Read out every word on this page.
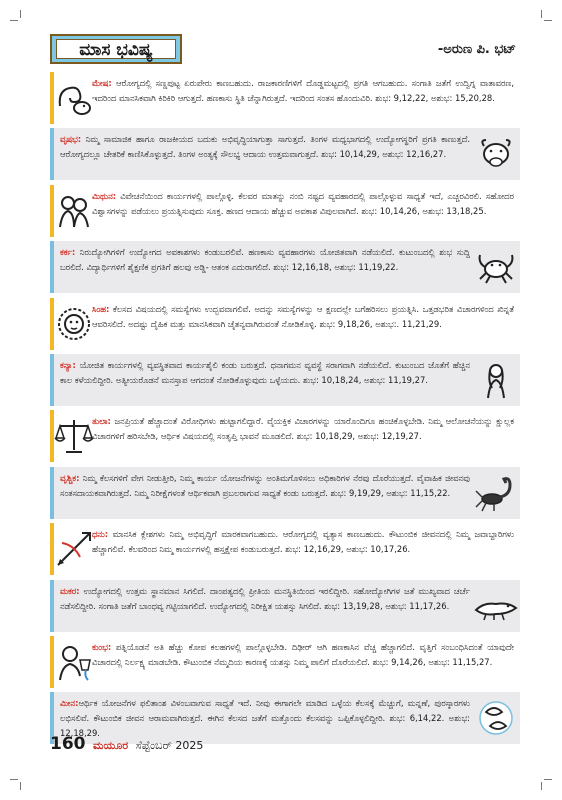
ಮಾಸ ಭವಿಷ್ಯ	-ಅರುಣ ಪಿ. ಭಟ್
ಮೇಷ: ಆರೋಗ್ಯದಲ್ಲಿ ಸಣ್ಣಪುಟ್ಟ ಏರುಪೇರು ಕಾಣಬಹುದು. ರಾಜಕಾರಣಿಗಳಿಗೆ ದೊಡ್ಡಮಟ್ಟದಲ್ಲಿ ಪ್ರಗತಿ ಆಗಬಹುದು. ಸಂಗಾತಿ ಜತೆಗೆ ಉದ್ವಿಗ್ನ ವಾತಾವರಣ, ಇದರಿಂದ ಮಾನಸಿಕವಾಗಿ ಕಿರಿಕಿರಿ ಆಗುತ್ತದೆ. ಹಣಕಾಸು ಸ್ಥಿತಿ ಚೆನ್ನಾಗಿರುತ್ತದೆ. ಇದರಿಂದ ಸಂತಸ ಹೊಂದುವಿರಿ. ಶುಭ: 9,12,22, ಅಶುಭ: 15,20,28.
ವೃಷಭ: ನಿಮ್ಮ ಸಾಮಾಜಿಕ ಹಾಗೂ ರಾಜಕೀಯದ ಬದುಕು ಅಭಿವೃದ್ಧಿಯಾಗುತ್ತಾ ಸಾಗುತ್ತದೆ. ತಿಂಗಳ ಮಧ್ಯಭಾಗದಲ್ಲಿ ಉದ್ಯೋಗಸ್ಥರಿಗೆ ಪ್ರಗತಿ ಕಾಣುತ್ತದೆ. ಆರೋಗ್ಯದಲ್ಲೂ ಚೇತರಿಕೆ ಕಾಣಿಸಿಕೊಳ್ಳುತ್ತದೆ. ತಿಂಗಳ ಅಂತ್ಯಕ್ಕೆ ಸೌಲಭ್ಯ ಆದಾಯ ಉತ್ತಮವಾಗುತ್ತದೆ. ಶುಭ: 10,14,29, ಅಶುಭ: 12,16,27.
ಮಿಥುನ: ವಿವೇಚನೆಯಿಂದ ಕಾರ್ಯಗಳಲ್ಲಿ ಪಾಲ್ಗೊಳ್ಳಿ. ಕೆಲವರ ಮಾತನ್ನು ನಂಬಿ ನಷ್ಟದ ವ್ಯವಹಾರದಲ್ಲಿ ಪಾಲ್ಗೊಳ್ಳುವ ಸಾಧ್ಯತೆ ಇದೆ, ಎಚ್ಚರವಿರಲಿ. ಸಹೋದರ ವಿಶ್ವಾಸಗಳನ್ನು ಪಡೆಯಲು ಪ್ರಯತ್ನಿಸುವುದು ಸೂಕ್ತ. ಹಣದ ಆದಾಯ ಹೆಚ್ಚುವ ಅವಕಾಶ ವಿಪುಲವಾಗಿದೆ. ಶುಭ: 10,14,26, ಅಶುಭ: 13,18,25.
ಕರ್ಕ: ನಿರುದ್ಯೋಗಿಗಳಿಗೆ ಉದ್ಯೋಗದ ಅವಕಾಶಗಳು ಕಂಡುಬರಲಿವೆ. ಹಣಕಾಸು ವ್ಯವಹಾರಗಳು ಯೋಜಿತವಾಗಿ ನಡೆಯಲಿದೆ. ಕುಟುಂಬದಲ್ಲಿ ಶುಭ ಸುದ್ದಿ ಬರಲಿದೆ. ವಿದ್ಯಾರ್ಥಿಗಳಿಗೆ ಶೈಕ್ಷಣಿಕ ಪ್ರಗತಿಗೆ ಹಲವು ಅಡ್ಡಿ- ಆತಂಕ ಎದುರಾಗಲಿದೆ. ಶುಭ: 12,16,18, ಅಶುಭ: 11,19,22.
ಸಿಂಹ: ಕೆಲಸದ ವಿಷಯದಲ್ಲಿ ಸಮಸ್ಯೆಗಳು ಉದ್ಭವವಾಗಲಿವೆ. ಅದನ್ನು ಸಮಸ್ಯೆಗಳನ್ನು ಆ ಕ್ಷಣದಲ್ಲೇ ಬಗೆಹರಿಸಲು ಪ್ರಯತ್ನಿಸಿ. ಒತ್ತಡಭರಿತ ವಿಚಾರಗಳಿಂದ ಖಿನ್ನತೆ ಆವರಿಸಲಿದೆ. ಅದಷ್ಟು ದೈಹಿಕ ಮತ್ತು ಮಾನಸಿಕವಾಗಿ ಚೈತನ್ಯವಾಗಿರುವಂತೆ ನೋಡಿಕೊಳ್ಳಿ. ಶುಭ: 9,18,26, ಅಶುಭ:. 11,21,29.
ಕನ್ಯಾ: ಯೋಜಿತ ಕಾರ್ಯಗಳಲ್ಲಿ ವ್ಯವಸ್ಥಿತವಾದ ಕಾರ್ಯಶೈಲಿ ಕಂಡು ಬರುತ್ತದೆ. ಧನಾಗಮನ ವ್ಯವಸ್ಥೆ ಸರಾಗವಾಗಿ ನಡೆಯಲಿದೆ. ಕುಟುಂಬದ ಜೊತೆಗೆ ಹೆಚ್ಚಿನ ಕಾಲ ಕಳೆಯಲಿದ್ದೀರಿ. ಅತ್ಯೀಯರೊಡನೆ ಮನಸ್ತಾಪ ಆಗದಂತೆ ನೋಡಿಕೊಳ್ಳುವುದು ಒಳ್ಳೆಯದು. ಶುಭ: 10,18,24, ಅಶುಭ: 11,19,27.
ತುಲಾ: ಜನಪ್ರಿಯತೆ ಹೆಚ್ಚಾದಂತೆ ವಿರೋಧಿಗಳು ಹುಟ್ಟಾಗಲಿದ್ದಾರೆ. ವೈಯಕ್ತಿಕ ವಿಚಾರಗಳನ್ನು ಯಾರೊಂದಿಗೂ ಹಂಚಿಕೊಳ್ಳಬೇಡಿ. ನಿಮ್ಮ ಆಲೋಚನೆಯನ್ನು ಕ್ಷುಲ್ಲಕ ವಿಚಾರಗಳಿಗೆ ಹರಿಸಬೇಡಿ, ಆರ್ಥಿಕ ವಿಷಯದಲ್ಲಿ ಸಂತೃಪ್ತಿ ಭಾವನೆ ಮೂಡಲಿದೆ. ಶುಭ: 10,18,29, ಅಶುಭ: 12,19,27.
ವೃಶ್ಚಿಕ: ನಿಮ್ಮ ಕೆಲಸಗಳಿಗೆ ವೇಗ ನೀಡುತ್ತೀರಿ, ನಿಮ್ಮ ಕಾರ್ಯ ಯೋಜನೆಗಳನ್ನು ಅಂತಿಮಗೊಳಿಸಲು ಅಧಿಕಾರಿಗಳ ನೆರವು ದೊರೆಯುತ್ತದೆ. ವೈವಾಹಿಕ ಜೀವನವು ಸಂತಸದಾಯಕವಾಗಿರುತ್ತದೆ. ನಿಮ್ಮ ನಿರೀಕ್ಷೆಗಳಂತೆ ಆರ್ಥಿಕವಾಗಿ ಪ್ರಬಲರಾಗುವ ಸಾಧ್ಯತೆ ಕಂಡು ಬರುತ್ತದೆ. ಶುಭ: 9,19,29, ಅಶುಭ: 11,15,22.
ಧನು: ಮಾನಸಿಕ ಕ್ಲೇಶಗಳು ನಿಮ್ಮ ಅಭಿವೃದ್ಧಿಗೆ ಮಾರಕವಾಗಬಹುದು. ಆರೋಗ್ಯದಲ್ಲಿ ವ್ಯತ್ಯಾಸ ಕಾಣಬಹುದು. ಕೌಟುಂಬಿಕ ಜೀವನದಲ್ಲಿ ನಿಮ್ಮ ಜವಾಬ್ದಾರಿಗಳು ಹೆಚ್ಚಾಗಲಿವೆ. ಕೆಲವರಿಂದ ನಿಮ್ಮ ಕಾರ್ಯಗಳಲ್ಲಿ ಹಸ್ತಕ್ಷೇಪ ಕಂಡುಬರುತ್ತದೆ. ಶುಭ: 12,16,29, ಅಶುಭ: 10,17,26.
ಮಕರ: ಉದ್ಯೋಗದಲ್ಲಿ ಉತ್ತಮ ಸ್ಥಾನಮಾನ ಸಿಗಲಿದೆ. ದಾಂಪತ್ಯದಲ್ಲಿ ಪ್ರೀತಿಯ ಮನಸ್ಥಿತಿಯಿಂದ ಇರಲಿದ್ದೀರಿ. ಸಹೋದ್ಯೋಗಿಗಳ ಜತೆ ಮುಖ್ಯವಾದ ಚರ್ಚೆ ನಡೆಸಲಿದ್ದೀರಿ. ಸಂಗಾತಿ ಜತೆಗೆ ಬಾಂಧವ್ಯ ಗಟ್ಟಿಯಾಗಲಿದೆ. ಉದ್ಯೋಗದಲ್ಲಿ ನಿರೀಕ್ಷಿತ ಯಶಸ್ಸು ಸಿಗಲಿದೆ. ಶುಭ: 13,19,28, ಅಶುಭ: 11,17,26.
ಕುಂಭ: ಪತ್ನಿಯೊಡನೆ ಅತಿ ಹೆಚ್ಚು ಕೋಪ ಕಲಹಗಳಲ್ಲಿ ಪಾಲ್ಗೊಳ್ಳಬೇಡಿ. ದಿಢೀರ್ ಆಗಿ ಹಣಕಾಸಿನ ವೆಚ್ಚ ಹೆಚ್ಚಾಗಲಿದೆ. ವೃತ್ತಿಗೆ ಸಂಬಂಧಿಸಿದಂತೆ ಯಾವುದೇ ವಿಚಾರದಲ್ಲಿ ನಿರ್ಲಕ್ಷ್ಯ ಮಾಡಬೇಡಿ. ಕೌಟುಂಬಿಕ ನೆಮ್ಮದಿಯ ಕಾರಣಕ್ಕೆ ಯಶಸ್ಸು ನಿಮ್ಮ ಪಾಲಿಗೆ ದೊರೆಯಲಿದೆ. ಶುಭ: 9,14,26, ಅಶುಭ: 11,15,27.
ಮೀನ:ಆರ್ಥಿಕ ಯೋಜನೆಗಳ ಫಲಿತಾಂಶ ವಿಳಂಬವಾಗುವ ಸಾಧ್ಯತೆ ಇದೆ. ನೀವು ಈಗಾಗಲೇ ಮಾಡಿದ ಒಳ್ಳೆಯ ಕೆಲಸಕ್ಕೆ ಮೆಚ್ಚುಗೆ, ಮನ್ನಣೆ, ಪುರಸ್ಕಾರಗಳು ಲಭಿಸಲಿವೆ. ಕೌಟುಂಬಿಕ ಜೀವನ ಆರಾಮವಾಗಿರುತ್ತದೆ. ಈಗಿನ ಕೆಲಸದ ಜತೆಗೆ ಮತ್ತೊಂದು ಕೆಲಸವನ್ನು ಒಪ್ಪಿಕೊಳ್ಳಲಿದ್ದೀರಿ. ಶುಭ: 6,14,22. ಅಶುಭ: 12,18,29.
160 ಮಯೂರ ಸೆಪ್ಟೆಂಬರ್ 2025
